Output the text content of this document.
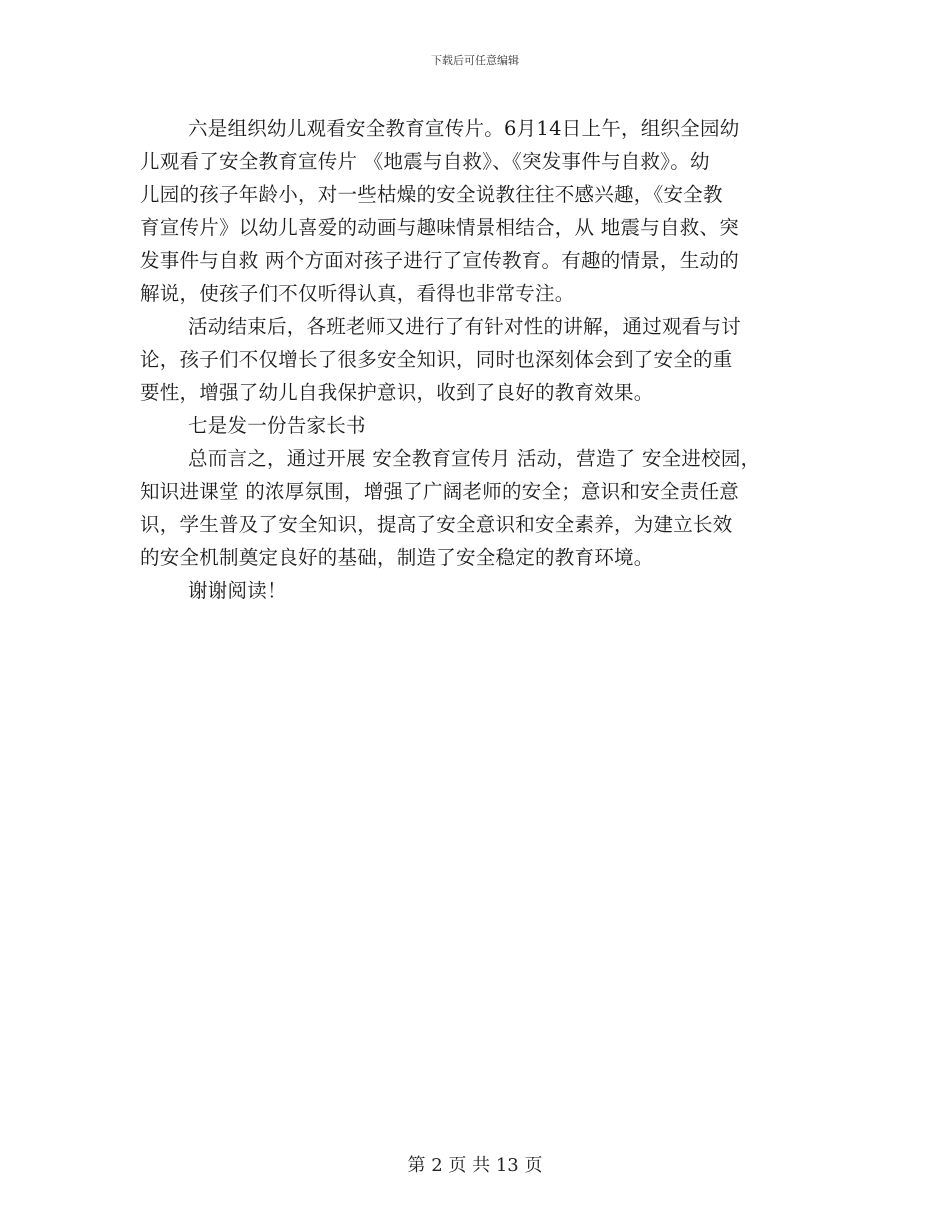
下载后可任意编辑
六是组织幼儿观看安全教育宣传片。6月14日上午，组织全园幼
儿观看了安全教育宣传片 《地震与自救》、《突发事件与自救》。幼
儿园的孩子年龄小，对一些枯燥的安全说教往往不感兴趣，《安全教
育宣传片》以幼儿喜爱的动画与趣味情景相结合，从 地震与自救、突
发事件与自救 两个方面对孩子进行了宣传教育。有趣的情景，生动的
解说，使孩子们不仅听得认真，看得也非常专注。
活动结束后，各班老师又进行了有针对性的讲解，通过观看与讨
论，孩子们不仅增长了很多安全知识，同时也深刻体会到了安全的重
要性，增强了幼儿自我保护意识，收到了良好的教育效果。
七是发一份告家长书
总而言之，通过开展 安全教育宣传月 活动，营造了 安全进校园，
知识进课堂 的浓厚氛围，增强了广阔老师的安全；意识和安全责任意
识，学生普及了安全知识，提高了安全意识和安全素养，为建立长效
的安全机制奠定良好的基础，制造了安全稳定的教育环境。
谢谢阅读！
第 2 页 共 13 页
